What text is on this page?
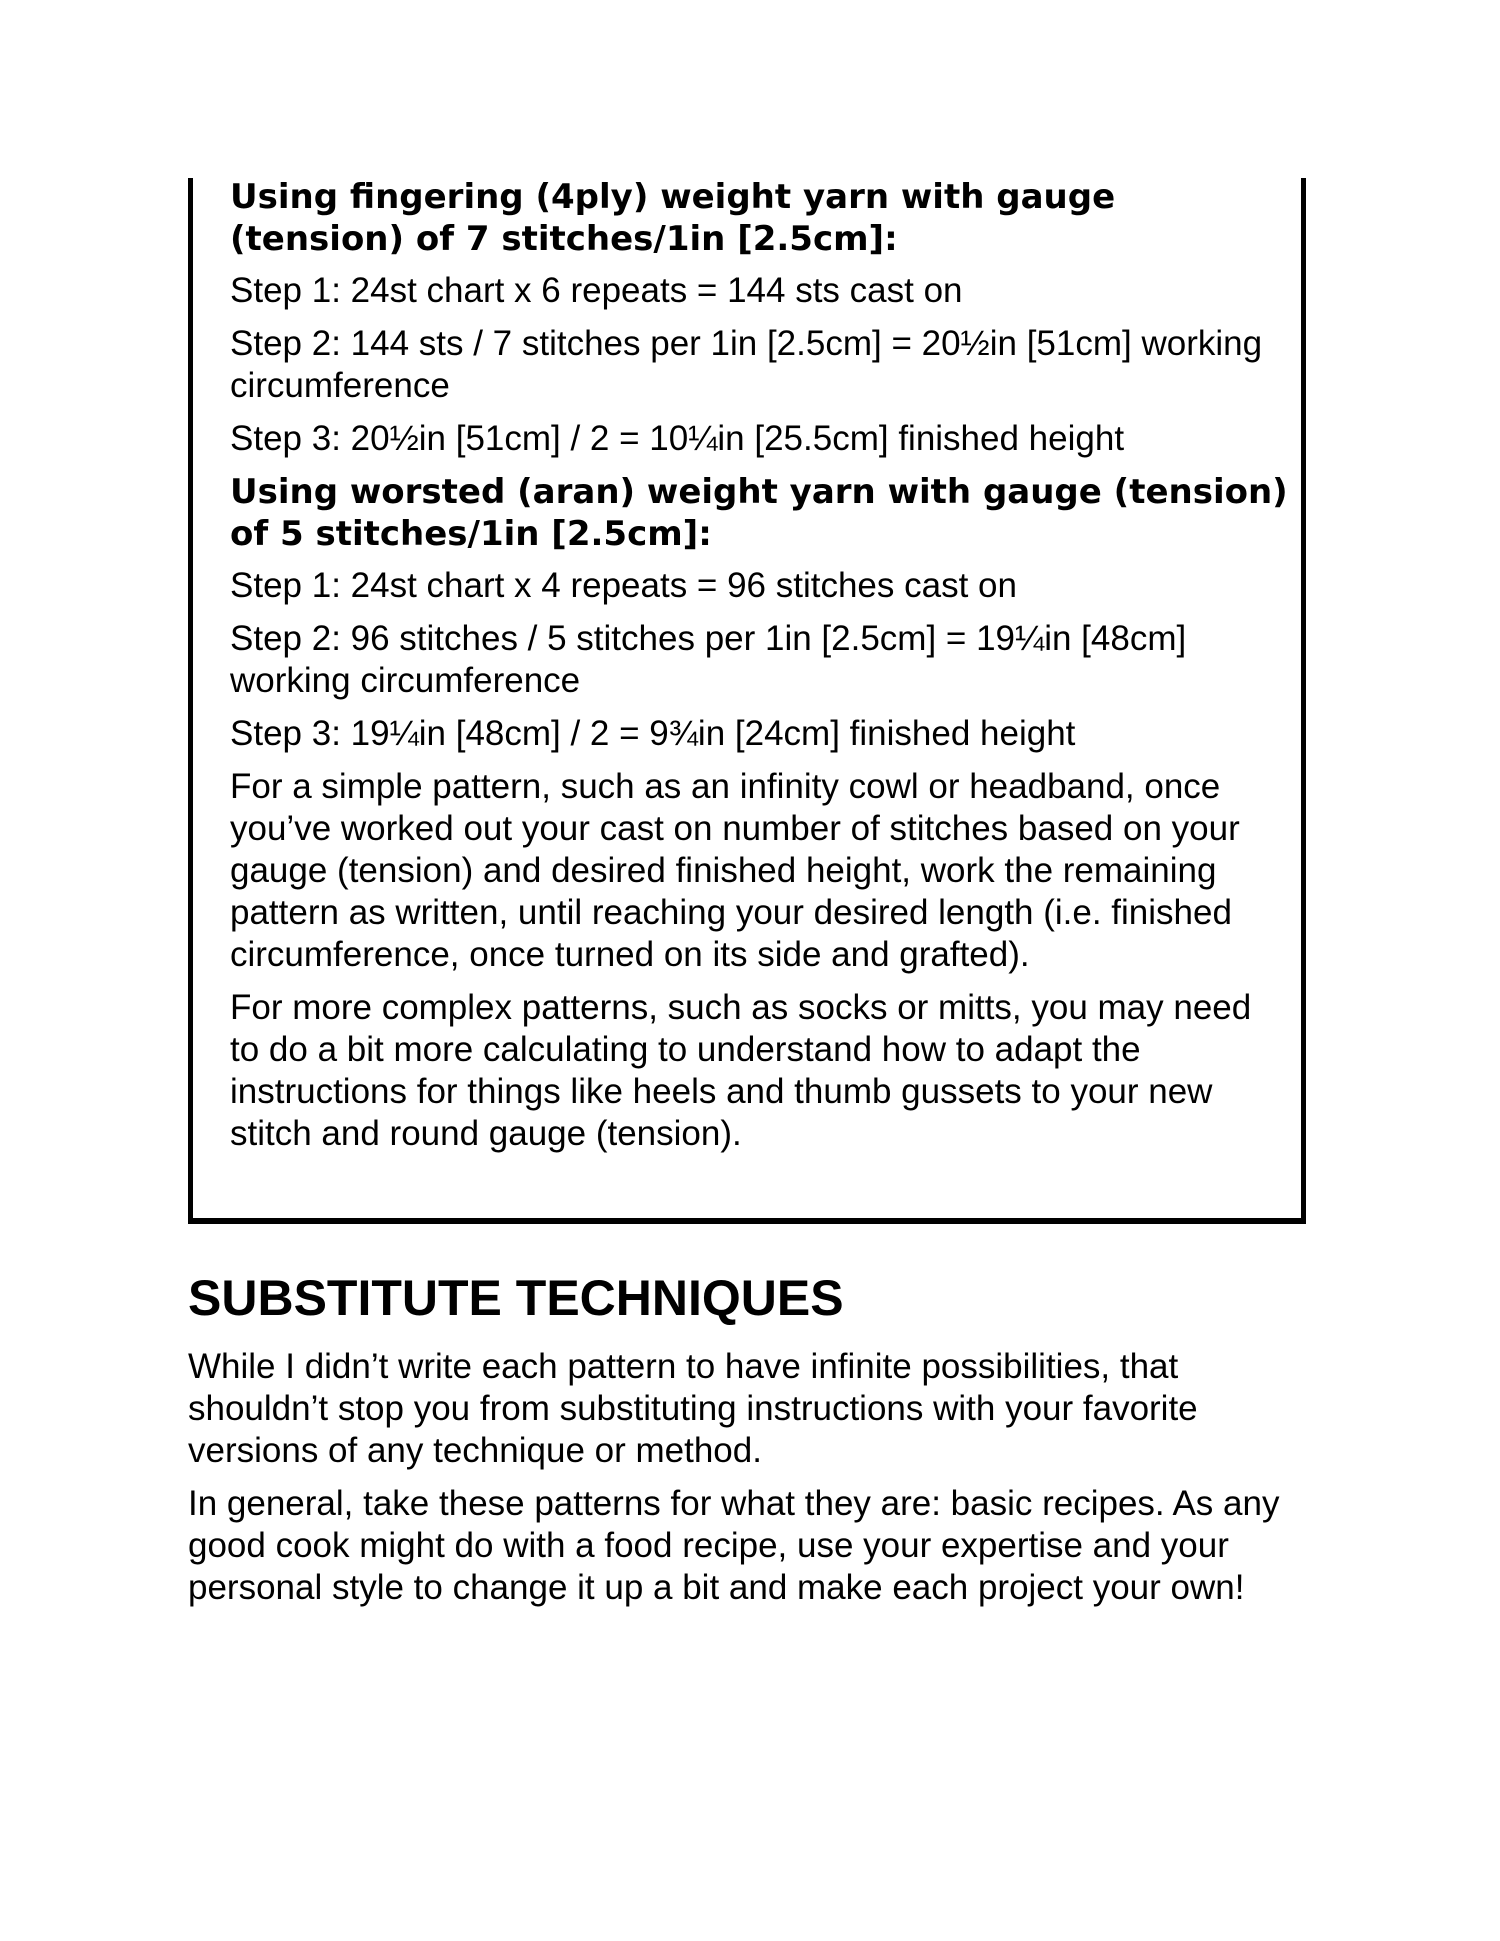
Using fingering (4ply) weight yarn with gauge (tension) of 7 stitches/1in [2.5cm]:
Step 1: 24st chart x 6 repeats = 144 sts cast on
Step 2: 144 sts / 7 stitches per 1in [2.5cm] = 20½in [51cm] working circumference
Step 3: 20½in [51cm] / 2 = 10¼in [25.5cm] finished height
Using worsted (aran) weight yarn with gauge (tension) of 5 stitches/1in [2.5cm]:
Step 1: 24st chart x 4 repeats = 96 stitches cast on
Step 2: 96 stitches / 5 stitches per 1in [2.5cm] = 19¼in [48cm] working circumference
Step 3: 19¼in [48cm] / 2 = 9¾in [24cm] finished height
For a simple pattern, such as an infinity cowl or headband, once you’ve worked out your cast on number of stitches based on your gauge (tension) and desired finished height, work the remaining pattern as written, until reaching your desired length (i.e. finished circumference, once turned on its side and grafted).
For more complex patterns, such as socks or mitts, you may need to do a bit more calculating to understand how to adapt the instructions for things like heels and thumb gussets to your new stitch and round gauge (tension).
SUBSTITUTE TECHNIQUES
While I didn’t write each pattern to have infinite possibilities, that shouldn’t stop you from substituting instructions with your favorite versions of any technique or method.
In general, take these patterns for what they are: basic recipes. As any good cook might do with a food recipe, use your expertise and your personal style to change it up a bit and make each project your own!
